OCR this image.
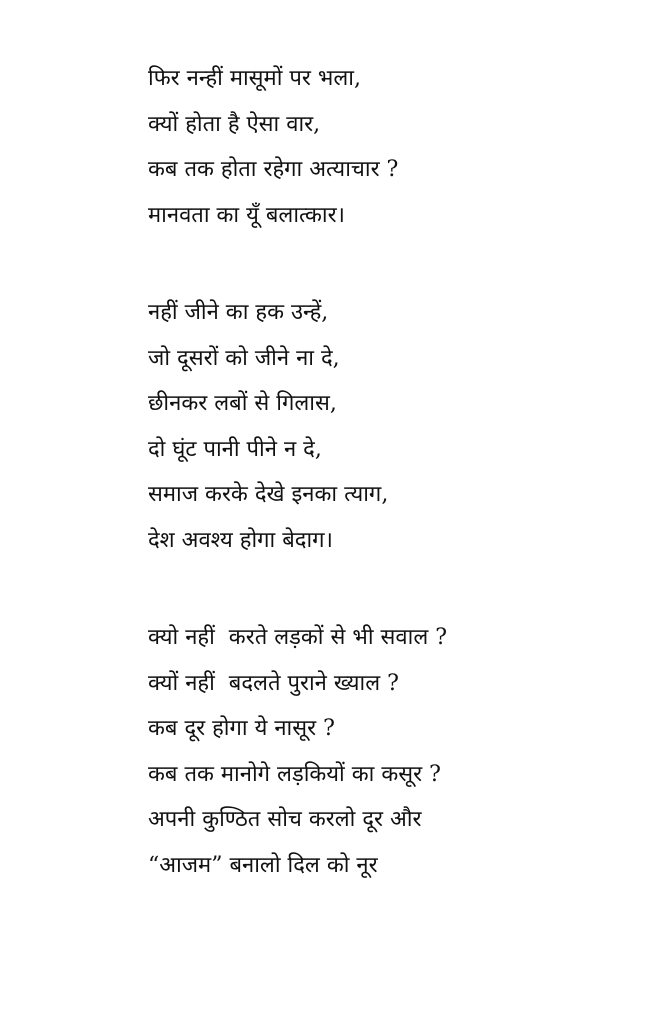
फिर नन्हीं मासूमों पर भला,
क्यों होता है ऐसा वार,
कब तक होता रहेगा अत्याचार ?
मानवता का यूँ बलात्कार।
नहीं जीने का हक उन्हें,
जो दूसरों को जीने ना दे,
छीनकर लबों से गिलास,
दो घूंट पानी पीने न दे,
समाज करके देखे इनका त्याग,
देश अवश्य होगा बेदाग।
क्यो नहीं  करते लड़कों से भी सवाल ?
क्यों नहीं  बदलते पुराने ख्याल ?
कब दूर होगा ये नासूर ?
कब तक मानोगे लड़कियों का कसूर ?
अपनी कुण्ठित सोच करलो दूर और
“आजम” बनालो दिल को नूर
